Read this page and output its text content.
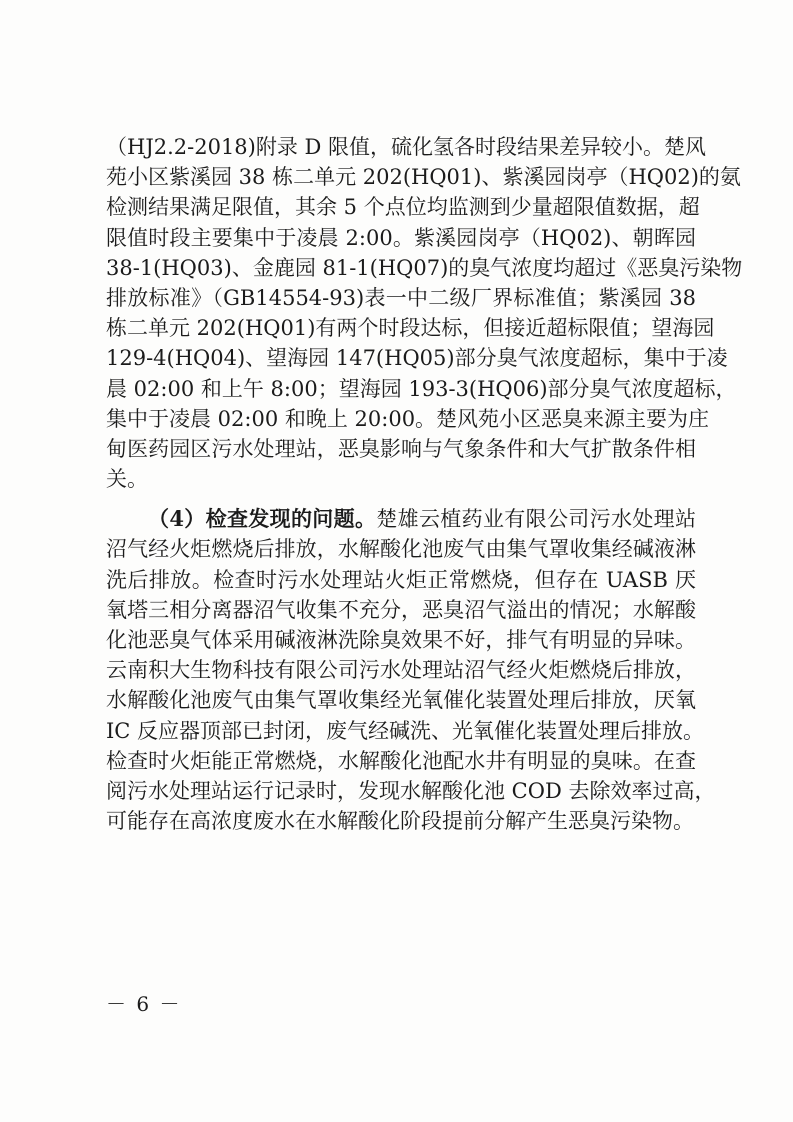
（HJ2.2-2018)附录 D 限值，硫化氢各时段结果差异较小。楚风
苑小区紫溪园 38 栋二单元 202(HQ01)、紫溪园岗亭（HQ02)的氨
检测结果满足限值，其余 5 个点位均监测到少量超限值数据，超
限值时段主要集中于凌晨 2:00。紫溪园岗亭（HQ02)、朝晖园
38-1(HQ03)、金鹿园 81-1(HQ07)的臭气浓度均超过《恶臭污染物
排放标准》（GB14554-93)表一中二级厂界标准值；紫溪园 38
栋二单元 202(HQ01)有两个时段达标，但接近超标限值；望海园
129-4(HQ04)、望海园 147(HQ05)部分臭气浓度超标，集中于凌
晨 02:00 和上午 8:00；望海园 193-3(HQ06)部分臭气浓度超标，
集中于凌晨 02:00 和晚上 20:00。楚风苑小区恶臭来源主要为庄
甸医药园区污水处理站，恶臭影响与气象条件和大气扩散条件相
关。
（4）检查发现的问题。楚雄云植药业有限公司污水处理站
沼气经火炬燃烧后排放，水解酸化池废气由集气罩收集经碱液淋
洗后排放。检查时污水处理站火炬正常燃烧，但存在 UASB 厌
氧塔三相分离器沼气收集不充分，恶臭沼气溢出的情况；水解酸
化池恶臭气体采用碱液淋洗除臭效果不好，排气有明显的异味。
云南积大生物科技有限公司污水处理站沼气经火炬燃烧后排放，
水解酸化池废气由集气罩收集经光氧催化装置处理后排放，厌氧
IC 反应器顶部已封闭，废气经碱洗、光氧催化装置处理后排放。
检查时火炬能正常燃烧，水解酸化池配水井有明显的臭味。在查
阅污水处理站运行记录时，发现水解酸化池 COD 去除效率过高，
可能存在高浓度废水在水解酸化阶段提前分解产生恶臭污染物。
－ 6 －
